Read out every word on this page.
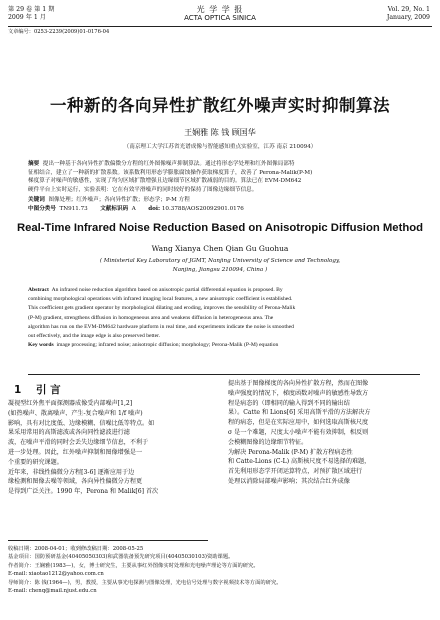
第 29 卷 第 1 期
2009 年 1 月
光 学 学 报
ACTA OPTICA SINICA
Vol. 29, No. 1
January, 2009
文章编号：0253-2239(2009)01-0176-04
一种新的各向异性扩散红外噪声实时抑制算法
王娴雅 陈 钱 顾国华
（南京理工大学江苏省光谱成像与智能感知重点实验室，江苏 南京 210094）
摘要 提出一种基于各向异性扩散偏微分方程的红外图像噪声抑制算法。通过将形态学处理和红外图像局部特
征相结合，建立了一种新的扩散系数。该系数利用形态学膨胀腐蚀操作获取梯度算子，改善了 Perona-Malik(P-M)
梯度算子对噪声的敏感性，实现了均匀区域扩散增强且边缘细节区域扩散减弱的目的。算法已在 EVM-DM642
硬件平台上实时运行，实验表明：它在有效平滑噪声的同时较好的保持了图像边缘细节信息。
关键词 图像处理；红外噪声；各向异性扩散；形态学；P-M 方程
中图分类号 TN911.73 文献标识码 A doi: 10.3788/AOS20092901.0176
Real-Time Infrared Noise Reduction Based on Anisotropic Diffusion Method
Wang Xianya Chen Qian Gu Guohua
( Ministerial Key Laboratory of JGMT, Nanjing University of Science and Technology,
Nanjing, Jiangsu 210094, China )
Abstract An infrared noise reduction algorithm based on anisotropic partial differential equation is proposed. By
combining morphological operations with infrared imaging local features, a new anisotropic coefficient is established.
This coefficient gets gradient operator by morphological dilating and eroding, improves the sensibility of Perona-Malik
(P-M) gradient, strengthens diffusion in homogeneous area and weakens diffusion in heterogeneous area. The
algorithm has run on the EVM-DM642 hardware platform in real time, and experiments indicate the noise is smoothed
out effectively, and the image edge is also preserved better.
Key words image processing; infrared noise; anisotropic diffusion; morphology; Perona-Malik (P-M) equation
1 引 言
凝视型红外焦平面探测器成像受内部噪声[1,2]
(如热噪声、散离噪声、产生-复合噪声和 1/f 噪声)
影响，具有对比度低、边缘模糊、信噪比低等特点。如
果采用常用的高斯滤波或各向同性滤波进行滤
波，在噪声平滑的同时会丢失边缘细节信息，不利于
进一步处理。因此，红外噪声抑制和图像增强是一
个重要的研究课题。
近年来，非线性偏微分方程[3-6] 逐渐应用于边
缘检测和图像去噪等领域，各向异性偏微分方程更
是得到广泛关注。1990 年，Perona 和 Malik[6] 首次
提出基于图像梯度的各向异性扩散方程，然而在图像
噪声强度的情况下，梯度函数对噪声的敏感性导致方
程是病态的（即相同的输入得到不同的输出结
果）。Catte 和 Lions[6] 采用高斯平滑的方法解决方
程的病态，但是在实际应用中，如何选取高斯核尺度
σ 是一个难题，尺度太小噪声不能有效抑制，相反则
会模糊图像的边缘细节特征。
为解决 Perona-Malik (P-M) 扩散方程病态性
和 Catte-Lions (C-L) 高斯核尺度不易选择的难题，
首先利用形态学开闭运算特点，对预扩散区域进行
处理以消除局部噪声影响；其次结合红外成像
收稿日期：2008-04-01；收到修改稿日期：2008-05-25
基金项目：国防预研基金(40405050303)和武器装备预先研究项目(40405030103)资助课题。
作者简介：王娴雅(1983—)，女，博士研究生，主要从事红外图像实时处理和光电噪声理论等方面的研究。
E-mail: xiaotao1212@yahoo.com.cn
导师简介：陈 钱(1964—)，男，教授，主要从事光电探测与图像处理，光电信号处理与数字视频技术等方面的研究。
E-mail: chenq@mail.njust.edu.cn
